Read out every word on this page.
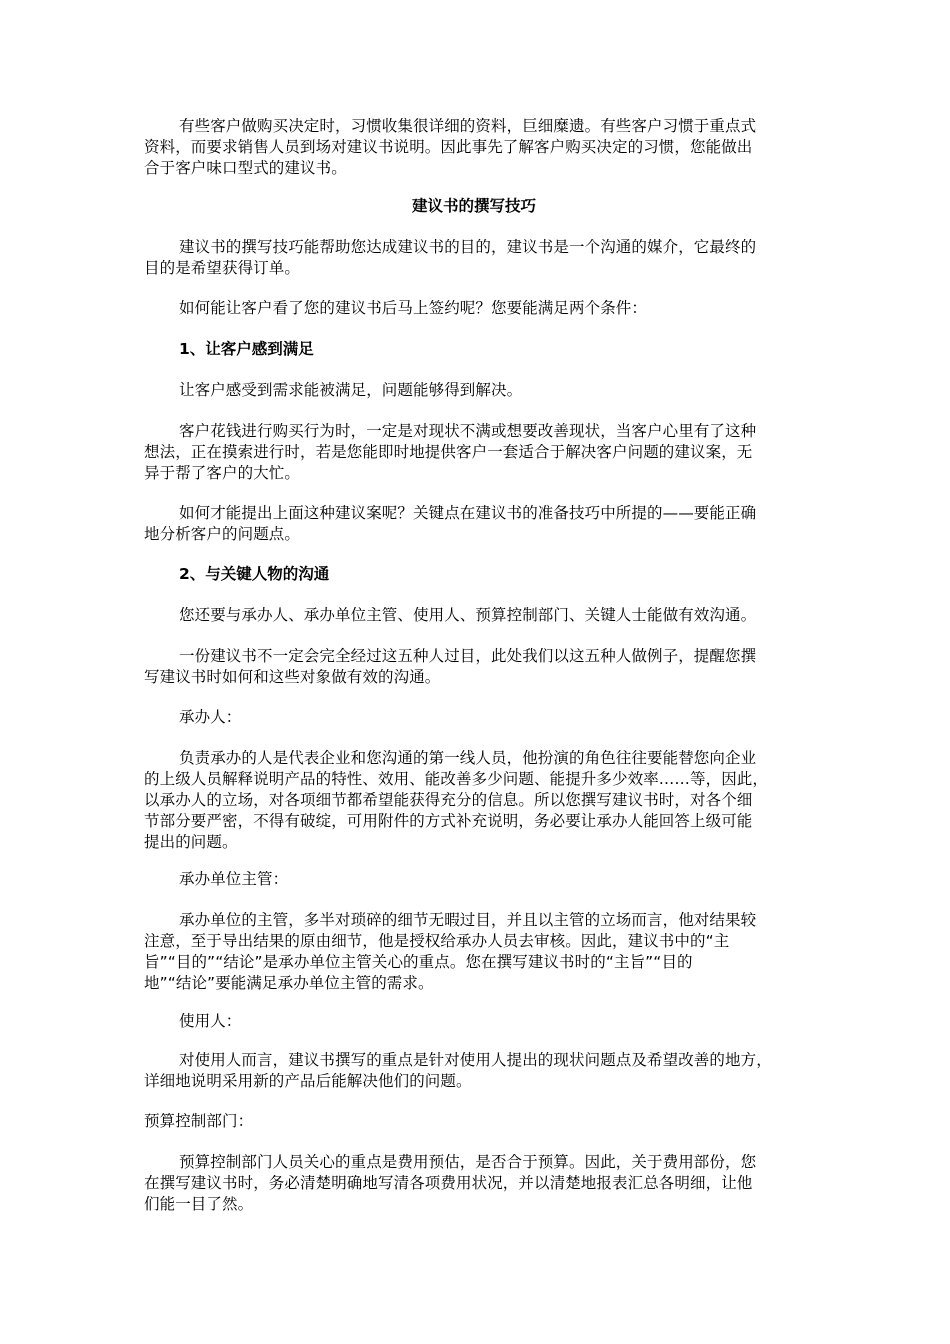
有些客户做购买决定时，习惯收集很详细的资料，巨细糜遗。有些客户习惯于重点式
资料，而要求销售人员到场对建议书说明。因此事先了解客户购买决定的习惯，您能做出
合于客户味口型式的建议书。
建议书的撰写技巧
建议书的撰写技巧能帮助您达成建议书的目的，建议书是一个沟通的媒介，它最终的
目的是希望获得订单。
如何能让客户看了您的建议书后马上签约呢？您要能满足两个条件：
1、让客户感到满足
让客户感受到需求能被满足，问题能够得到解决。
客户花钱进行购买行为时，一定是对现状不满或想要改善现状，当客户心里有了这种
想法，正在摸索进行时，若是您能即时地提供客户一套适合于解决客户问题的建议案，无
异于帮了客户的大忙。
如何才能提出上面这种建议案呢？关键点在建议书的准备技巧中所提的——要能正确
地分析客户的问题点。
2、与关键人物的沟通
您还要与承办人、承办单位主管、使用人、预算控制部门、关键人士能做有效沟通。
一份建议书不一定会完全经过这五种人过目，此处我们以这五种人做例子，提醒您撰
写建议书时如何和这些对象做有效的沟通。
承办人：
负责承办的人是代表企业和您沟通的第一线人员，他扮演的角色往往要能替您向企业
的上级人员解释说明产品的特性、效用、能改善多少问题、能提升多少效率……等，因此，
以承办人的立场，对各项细节都希望能获得充分的信息。所以您撰写建议书时，对各个细
节部分要严密，不得有破绽，可用附件的方式补充说明，务必要让承办人能回答上级可能
提出的问题。
承办单位主管：
承办单位的主管，多半对琐碎的细节无暇过目，并且以主管的立场而言，他对结果较
注意，至于导出结果的原由细节，他是授权给承办人员去审核。因此，建议书中的“主
旨”“目的”“结论”是承办单位主管关心的重点。您在撰写建议书时的“主旨”“目的
地”“结论”要能满足承办单位主管的需求。
使用人：
对使用人而言，建议书撰写的重点是针对使用人提出的现状问题点及希望改善的地方，
详细地说明采用新的产品后能解决他们的问题。
预算控制部门：
预算控制部门人员关心的重点是费用预估，是否合于预算。因此，关于费用部份，您
在撰写建议书时，务必清楚明确地写清各项费用状况，并以清楚地报表汇总各明细，让他
们能一目了然。
